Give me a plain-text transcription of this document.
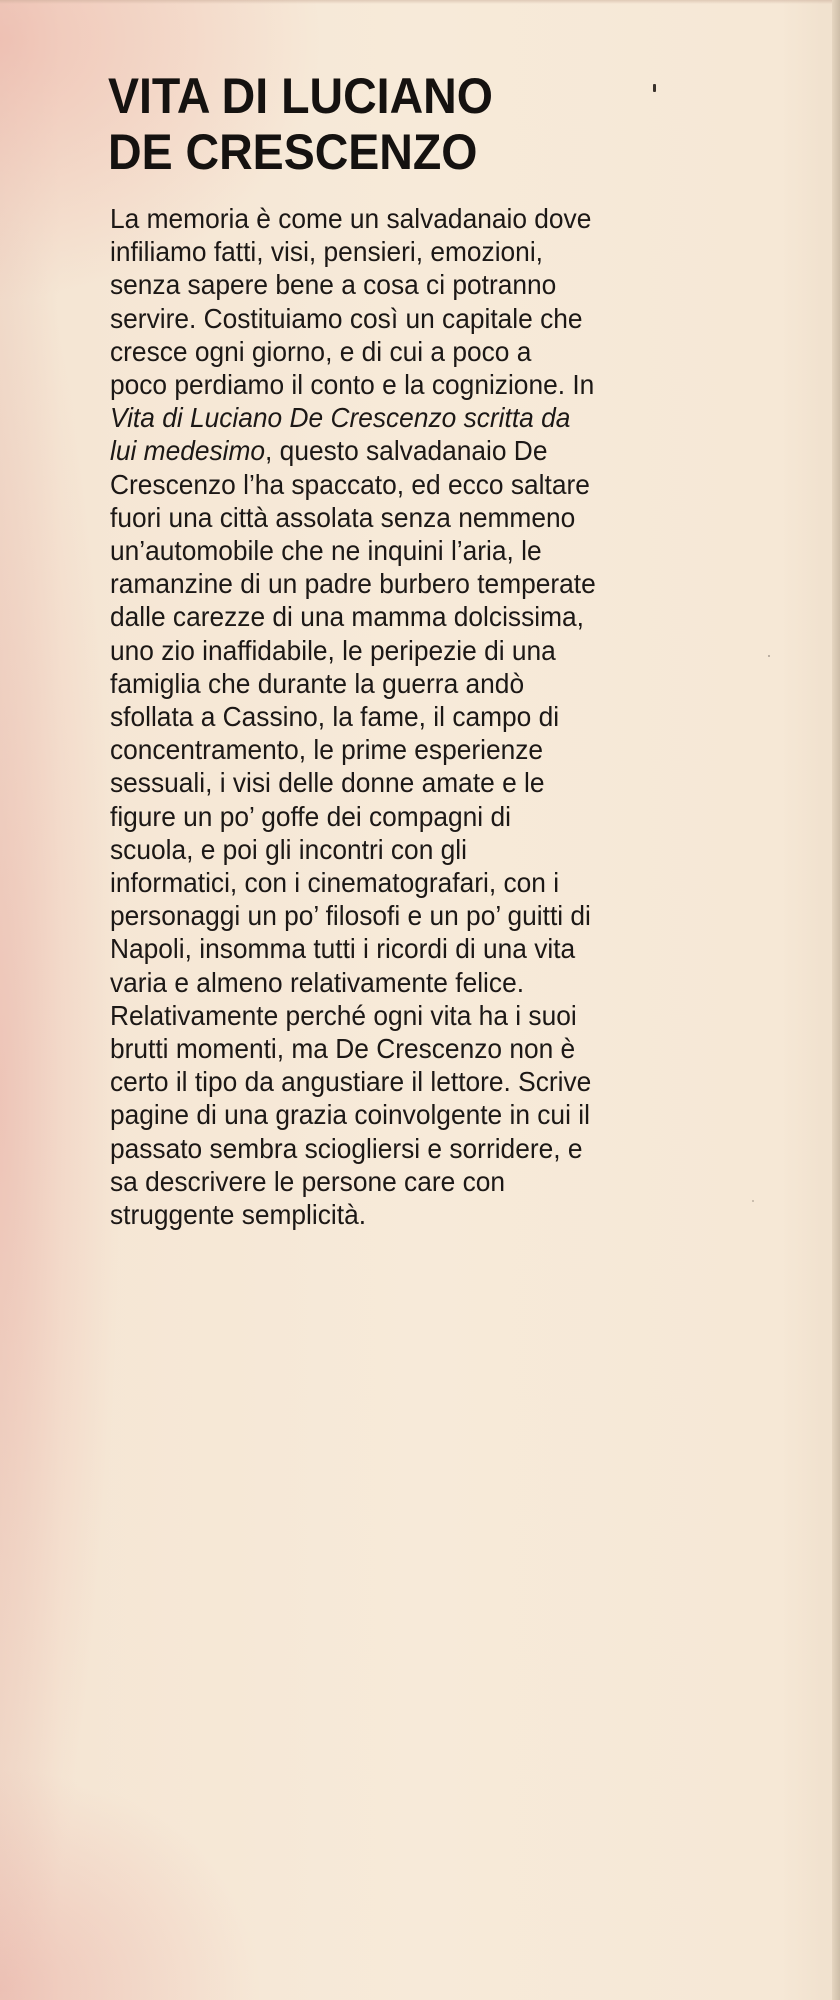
VITA DI LUCIANO
DE CRESCENZO
La memoria è come un salvadanaio dove
infiliamo fatti, visi, pensieri, emozioni,
senza sapere bene a cosa ci potranno
servire. Costituiamo così un capitale che
cresce ogni giorno, e di cui a poco a
poco perdiamo il conto e la cognizione. In
Vita di Luciano De Crescenzo scritta da
lui medesimo, questo salvadanaio De
Crescenzo l’ha spaccato, ed ecco saltare
fuori una città assolata senza nemmeno
un’automobile che ne inquini l’aria, le
ramanzine di un padre burbero temperate
dalle carezze di una mamma dolcissima,
uno zio inaffidabile, le peripezie di una
famiglia che durante la guerra andò
sfollata a Cassino, la fame, il campo di
concentramento, le prime esperienze
sessuali, i visi delle donne amate e le
figure un po’ goffe dei compagni di
scuola, e poi gli incontri con gli
informatici, con i cinematografari, con i
personaggi un po’ filosofi e un po’ guitti di
Napoli, insomma tutti i ricordi di una vita
varia e almeno relativamente felice.
Relativamente perché ogni vita ha i suoi
brutti momenti, ma De Crescenzo non è
certo il tipo da angustiare il lettore. Scrive
pagine di una grazia coinvolgente in cui il
passato sembra sciogliersi e sorridere, e
sa descrivere le persone care con
struggente semplicità.
